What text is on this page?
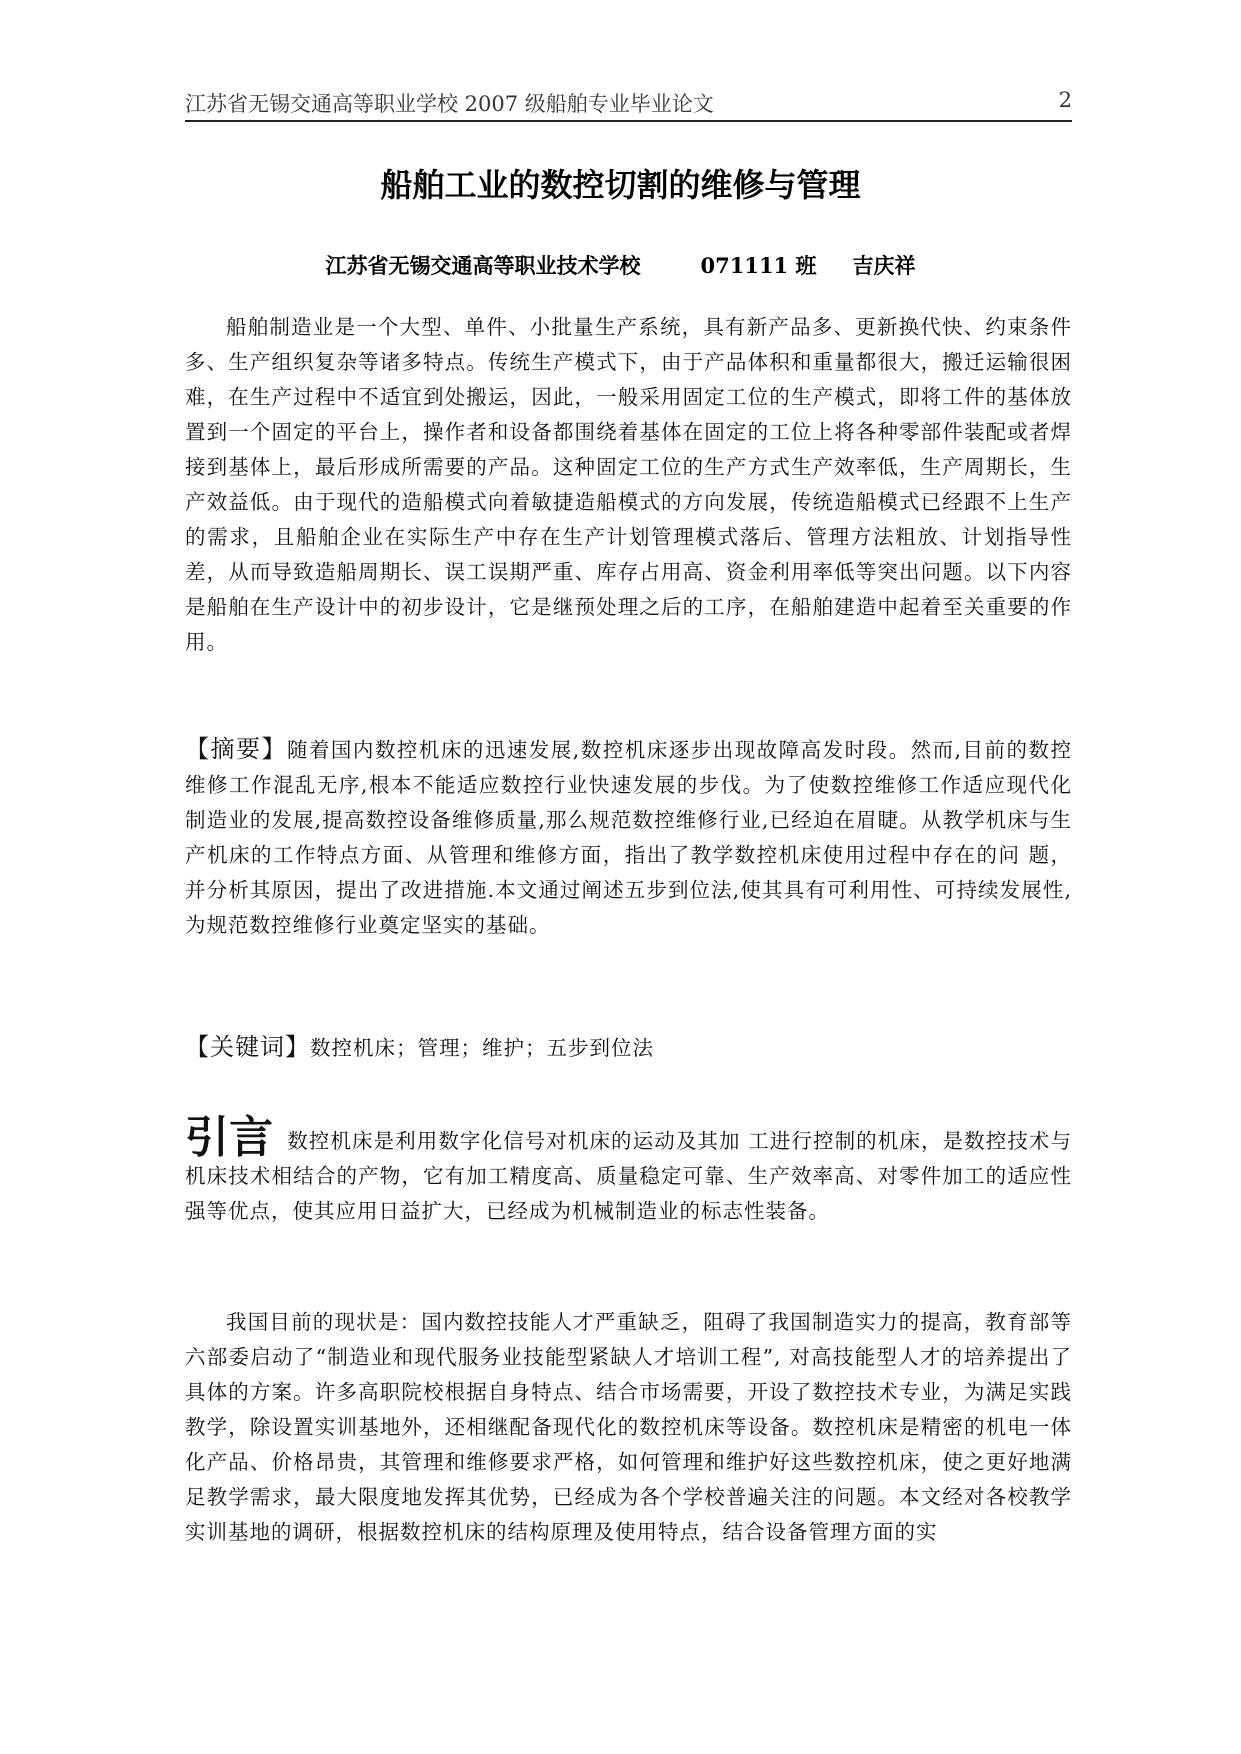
江苏省无锡交通高等职业学校 2007 级船舶专业毕业论文	2
船舶工业的数控切割的维修与管理
江苏省无锡交通高等职业技术学校	071111 班 吉庆祥
船舶制造业是一个大型、单件、小批量生产系统，具有新产品多、更新换代快、约束条件多、生产组织复杂等诸多特点。传统生产模式下，由于产品体积和重量都很大，搬迁运输很困难，在生产过程中不适宜到处搬运，因此，一般采用固定工位的生产模式，即将工件的基体放置到一个固定的平台上，操作者和设备都围绕着基体在固定的工位上将各种零部件装配或者焊接到基体上，最后形成所需要的产品。这种固定工位的生产方式生产效率低，生产周期长，生产效益低。由于现代的造船模式向着敏捷造船模式的方向发展，传统造船模式已经跟不上生产的需求，且船舶企业在实际生产中存在生产计划管理模式落后、管理方法粗放、计划指导性差，从而导致造船周期长、误工误期严重、库存占用高、资金利用率低等突出问题。以下内容是船舶在生产设计中的初步设计，它是继预处理之后的工序，在船舶建造中起着至关重要的作用。
【摘要】随着国内数控机床的迅速发展,数控机床逐步出现故障高发时段。然而,目前的数控维修工作混乱无序,根本不能适应数控行业快速发展的步伐。为了使数控维修工作适应现代化制造业的发展,提高数控设备维修质量,那么规范数控维修行业,已经迫在眉睫。从教学机床与生产机床的工作特点方面、从管理和维修方面，指出了教学数控机床使用过程中存在的问 题，并分析其原因，提出了改进措施.本文通过阐述五步到位法,使其具有可利用性、可持续发展性,为规范数控维修行业奠定坚实的基础。
【关键词】数控机床；管理；维护；五步到位法
引言 数控机床是利用数字化信号对机床的运动及其加 工进行控制的机床，是数控技术与机床技术相结合的产物，它有加工精度高、质量稳定可靠、生产效率高、对零件加工的适应性强等优点，使其应用日益扩大，已经成为机械制造业的标志性装备。
我国目前的现状是：国内数控技能人才严重缺乏，阻碍了我国制造实力的提高，教育部等六部委启动了“制造业和现代服务业技能型紧缺人才培训工程”, 对高技能型人才的培养提出了具体的方案。许多高职院校根据自身特点、结合市场需要，开设了数控技术专业，为满足实践教学，除设置实训基地外，还相继配备现代化的数控机床等设备。数控机床是精密的机电一体化产品、价格昂贵，其管理和维修要求严格，如何管理和维护好这些数控机床，使之更好地满足教学需求，最大限度地发挥其优势，已经成为各个学校普遍关注的问题。本文经对各校教学实训基地的调研，根据数控机床的结构原理及使用特点，结合设备管理方面的实
